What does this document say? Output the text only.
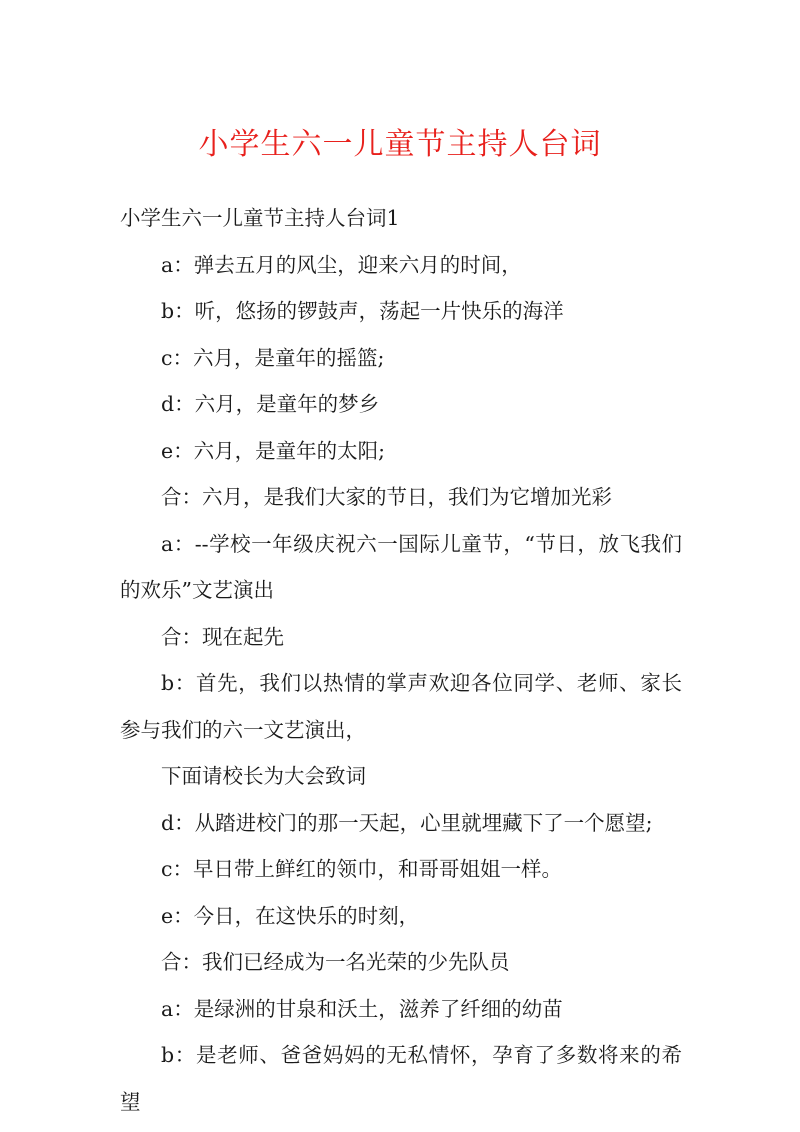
小学生六一儿童节主持人台词

小学生六一儿童节主持人台词1

a：弹去五月的风尘，迎来六月的时间，

b：听，悠扬的锣鼓声，荡起一片快乐的海洋

c：六月，是童年的摇篮;

d：六月，是童年的梦乡

e：六月，是童年的太阳;

合：六月，是我们大家的节日，我们为它增加光彩

a：--学校一年级庆祝六一国际儿童节，“节日，放飞我们的欢乐”文艺演出

合：现在起先

b：首先，我们以热情的掌声欢迎各位同学、老师、家长参与我们的六一文艺演出，

下面请校长为大会致词

d：从踏进校门的那一天起，心里就埋藏下了一个愿望;

c：早日带上鲜红的领巾，和哥哥姐姐一样。

e：今日，在这快乐的时刻，

合：我们已经成为一名光荣的少先队员

a：是绿洲的甘泉和沃土，滋养了纤细的幼苗

b：是老师、爸爸妈妈的无私情怀，孕育了多数将来的希望
